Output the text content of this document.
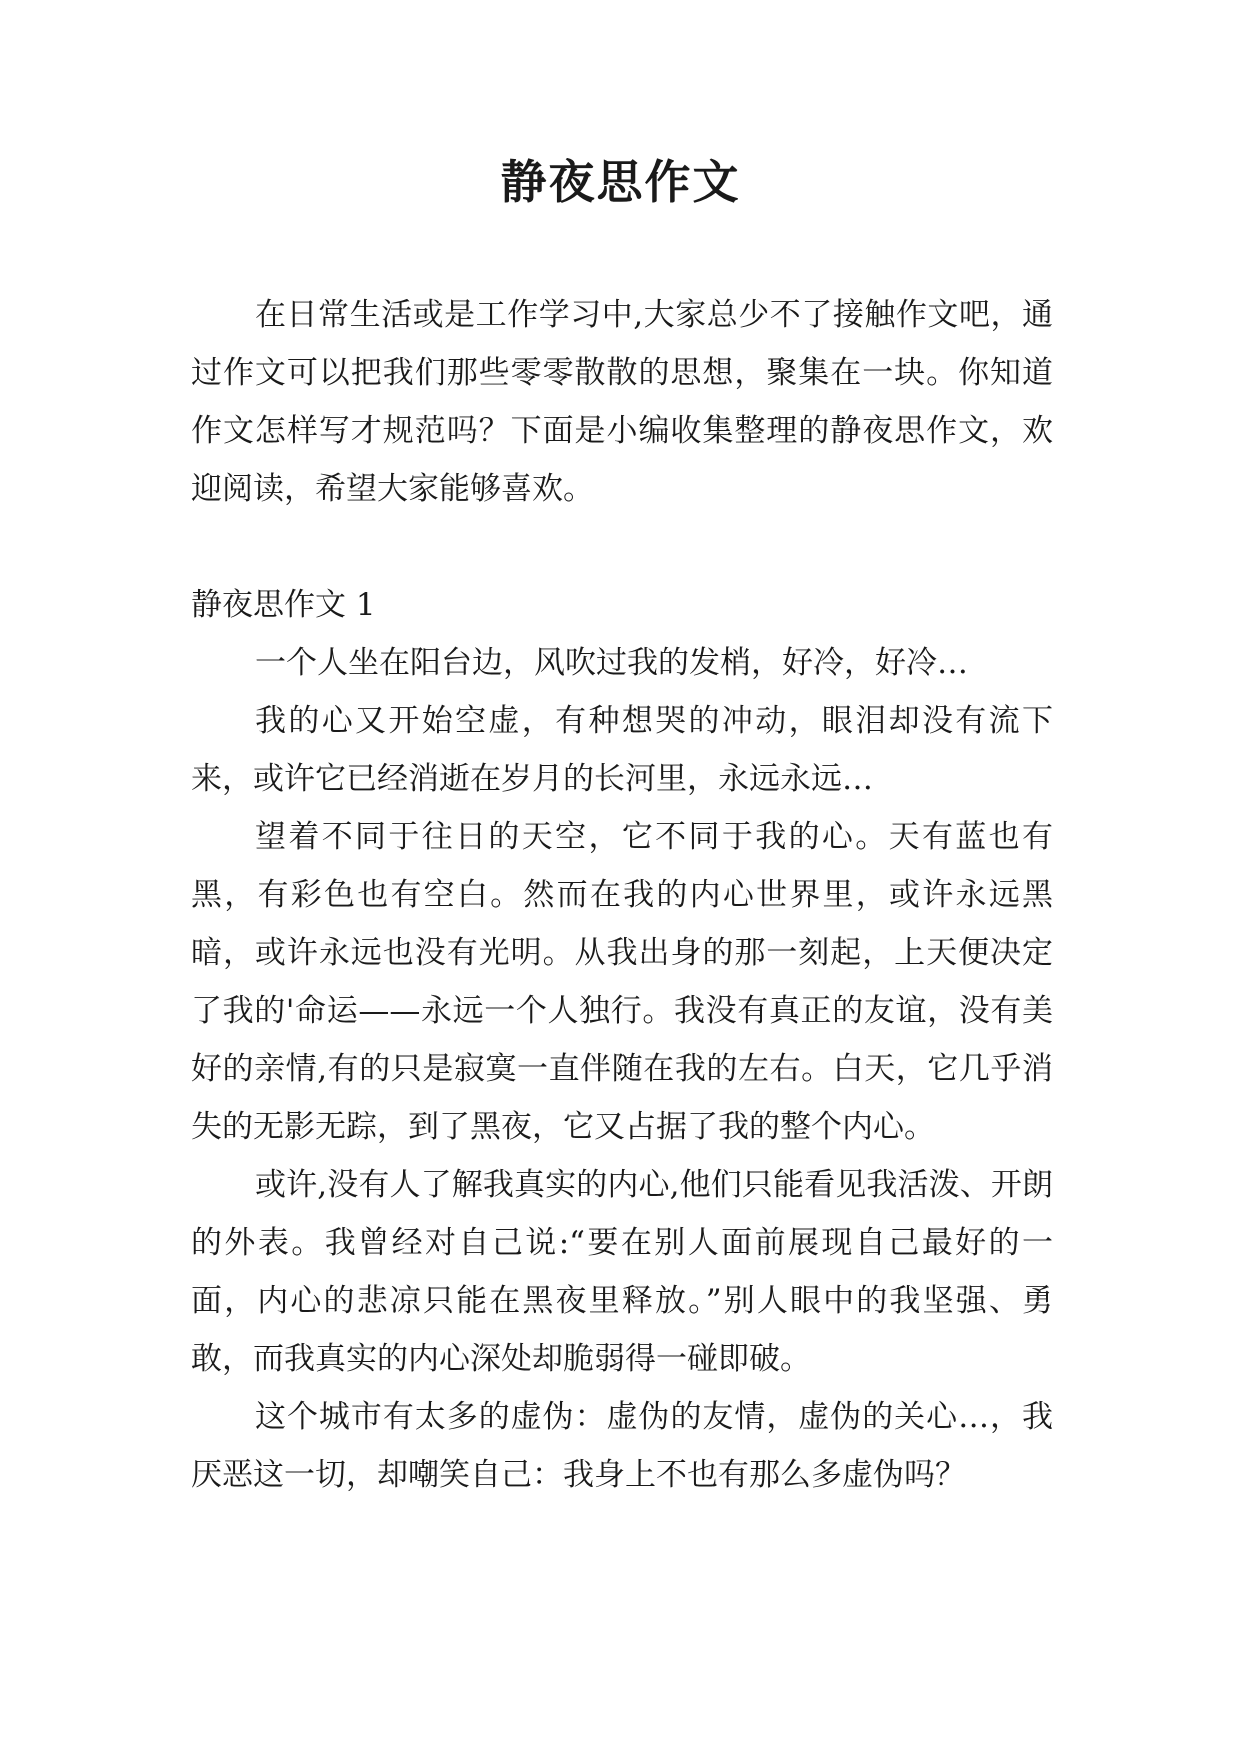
静夜思作文

在日常生活或是工作学习中,大家总少不了接触作文吧，通过作文可以把我们那些零零散散的思想，聚集在一块。你知道作文怎样写才规范吗？下面是小编收集整理的静夜思作文，欢迎阅读，希望大家能够喜欢。

静夜思作文 1

一个人坐在阳台边，风吹过我的发梢，好冷，好冷…

我的心又开始空虚，有种想哭的冲动，眼泪却没有流下来，或许它已经消逝在岁月的长河里，永远永远…

望着不同于往日的天空，它不同于我的心。天有蓝也有黑，有彩色也有空白。然而在我的内心世界里，或许永远黑暗，或许永远也没有光明。从我出身的那一刻起，上天便决定了我的'命运——永远一个人独行。我没有真正的友谊，没有美好的亲情,有的只是寂寞一直伴随在我的左右。白天，它几乎消失的无影无踪，到了黑夜，它又占据了我的整个内心。

或许,没有人了解我真实的内心,他们只能看见我活泼、开朗的外表。我曾经对自己说:“要在别人面前展现自己最好的一面，内心的悲凉只能在黑夜里释放。”别人眼中的我坚强、勇敢，而我真实的内心深处却脆弱得一碰即破。

这个城市有太多的虚伪：虚伪的友情，虚伪的关心…，我厌恶这一切，却嘲笑自己：我身上不也有那么多虚伪吗？
